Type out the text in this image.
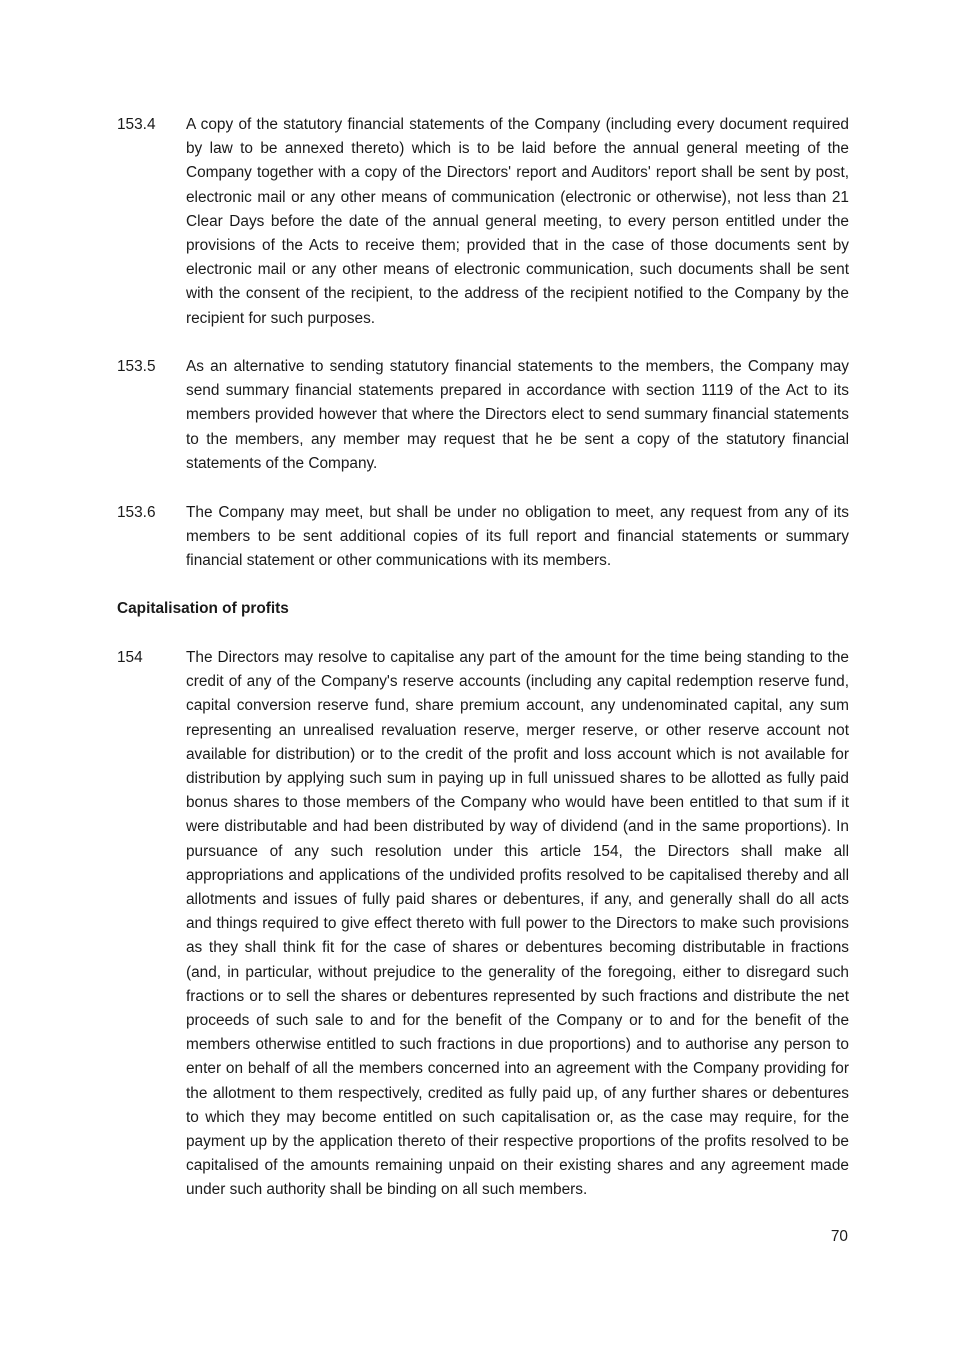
153.4 A copy of the statutory financial statements of the Company (including every document required by law to be annexed thereto) which is to be laid before the annual general meeting of the Company together with a copy of the Directors' report and Auditors' report shall be sent by post, electronic mail or any other means of communication (electronic or otherwise), not less than 21 Clear Days before the date of the annual general meeting, to every person entitled under the provisions of the Acts to receive them; provided that in the case of those documents sent by electronic mail or any other means of electronic communication, such documents shall be sent with the consent of the recipient, to the address of the recipient notified to the Company by the recipient for such purposes.
153.5 As an alternative to sending statutory financial statements to the members, the Company may send summary financial statements prepared in accordance with section 1119 of the Act to its members provided however that where the Directors elect to send summary financial statements to the members, any member may request that he be sent a copy of the statutory financial statements of the Company.
153.6 The Company may meet, but shall be under no obligation to meet, any request from any of its members to be sent additional copies of its full report and financial statements or summary financial statement or other communications with its members.
Capitalisation of profits
154	The Directors may resolve to capitalise any part of the amount for the time being standing to the credit of any of the Company's reserve accounts (including any capital redemption reserve fund, capital conversion reserve fund, share premium account, any undenominated capital, any sum representing an unrealised revaluation reserve, merger reserve, or other reserve account not available for distribution) or to the credit of the profit and loss account which is not available for distribution by applying such sum in paying up in full unissued shares to be allotted as fully paid bonus shares to those members of the Company who would have been entitled to that sum if it were distributable and had been distributed by way of dividend (and in the same proportions). In pursuance of any such resolution under this article 154, the Directors shall make all appropriations and applications of the undivided profits resolved to be capitalised thereby and all allotments and issues of fully paid shares or debentures, if any, and generally shall do all acts and things required to give effect thereto with full power to the Directors to make such provisions as they shall think fit for the case of shares or debentures becoming distributable in fractions (and, in particular, without prejudice to the generality of the foregoing, either to disregard such fractions or to sell the shares or debentures represented by such fractions and distribute the net proceeds of such sale to and for the benefit of the Company or to and for the benefit of the members otherwise entitled to such fractions in due proportions) and to authorise any person to enter on behalf of all the members concerned into an agreement with the Company providing for the allotment to them respectively, credited as fully paid up, of any further shares or debentures to which they may become entitled on such capitalisation or, as the case may require, for the payment up by the application thereto of their respective proportions of the profits resolved to be capitalised of the amounts remaining unpaid on their existing shares and any agreement made under such authority shall be binding on all such members.
70
